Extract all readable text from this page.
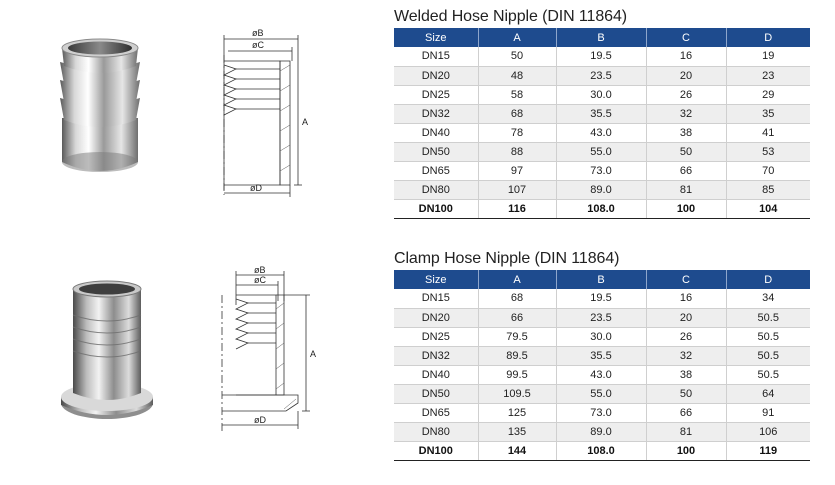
øB
øC
A
øD
øB
øC
A
øD
Welded Hose Nipple (DIN 11864)
Size	A	B	C	D
DN15	50	19.5	16	19
DN20	48	23.5	20	23
DN25	58	30.0	26	29
DN32	68	35.5	32	35
DN40	78	43.0	38	41
DN50	88	55.0	50	53
DN65	97	73.0	66	70
DN80	107	89.0	81	85
DN100	116	108.0	100	104
Clamp Hose Nipple (DIN 11864)
Size	A	B	C	D
DN15	68	19.5	16	34
DN20	66	23.5	20	50.5
DN25	79.5	30.0	26	50.5
DN32	89.5	35.5	32	50.5
DN40	99.5	43.0	38	50.5
DN50	109.5	55.0	50	64
DN65	125	73.0	66	91
DN80	135	89.0	81	106
DN100	144	108.0	100	119
